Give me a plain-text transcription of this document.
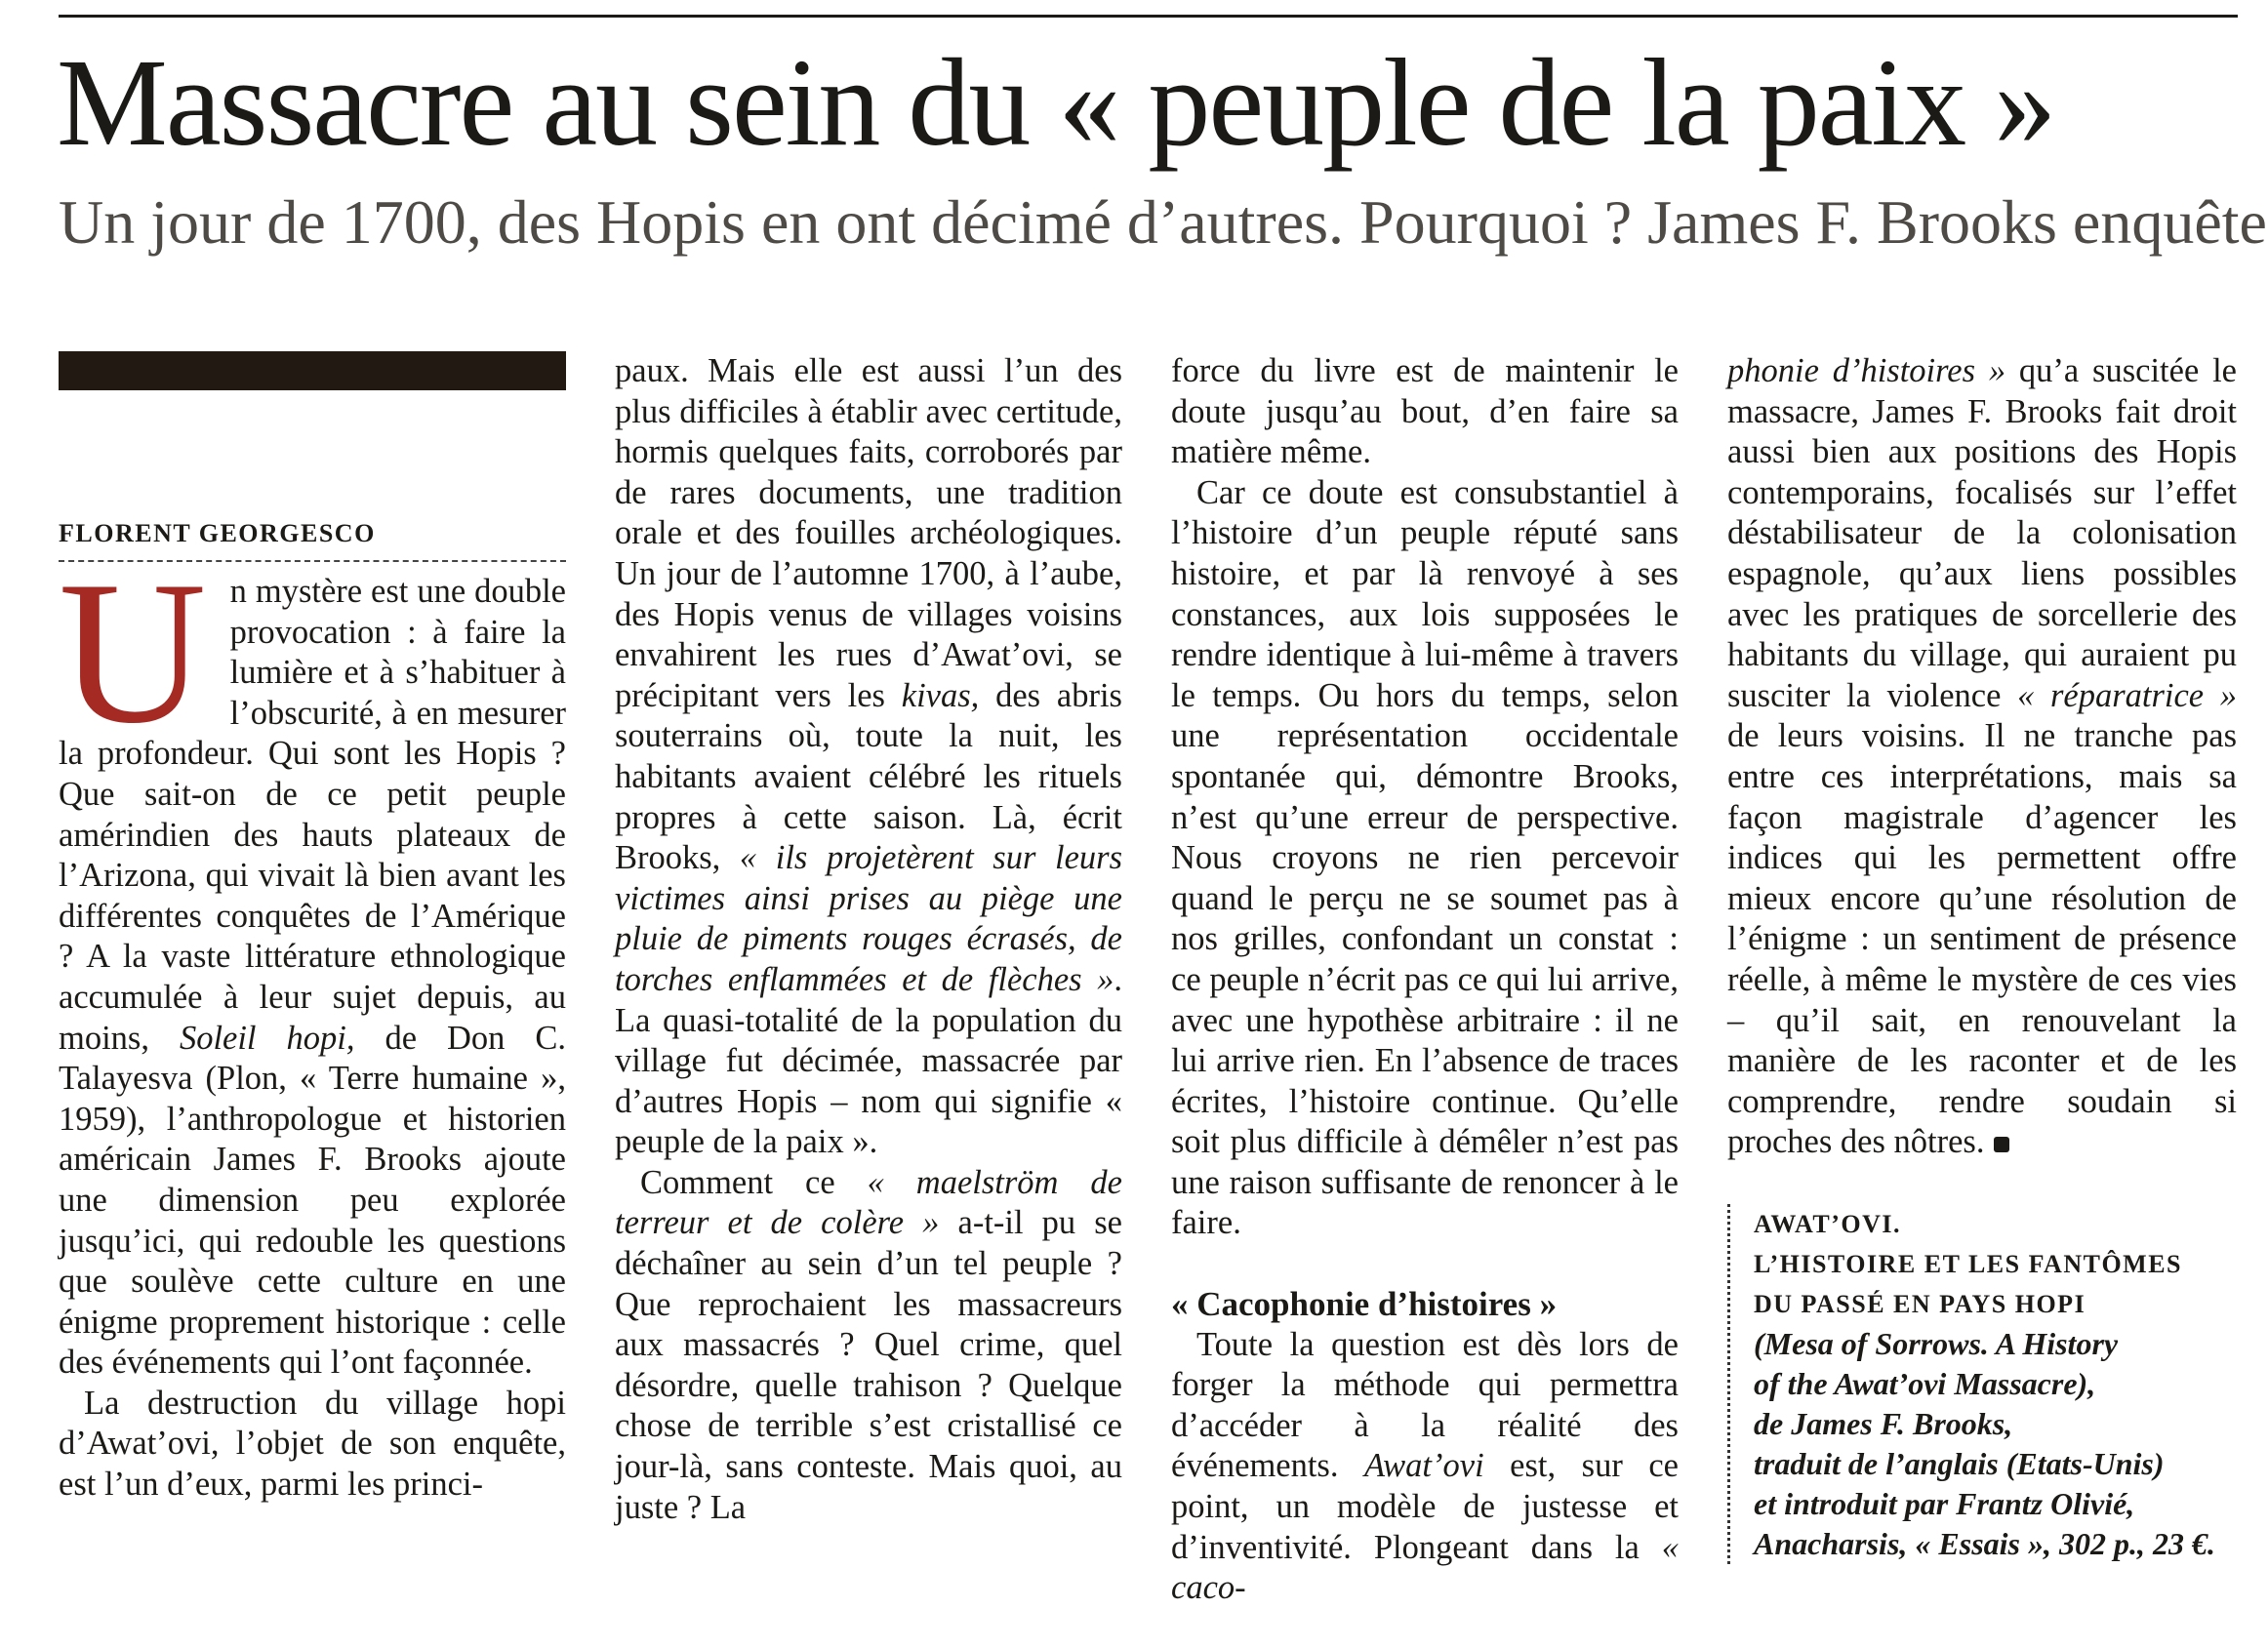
Massacre au sein du « peuple de la paix »
Un jour de 1700, des Hopis en ont décimé d’autres. Pourquoi ? James F. Brooks enquête
FLORENT GEORGESCO

Un mystère est une double provocation : à faire la lumière et à s’habituer à l’obscurité, à en mesurer la profondeur. Qui sont les Hopis ? Que sait-on de ce petit peuple amérindien des hauts plateaux de l’Arizona, qui vivait là bien avant les différentes conquêtes de l’Amérique ? A la vaste littérature ethnologique accumulée à leur sujet depuis, au moins, Soleil hopi, de Don C. Talayesva (Plon, « Terre humaine », 1959), l’anthropologue et historien américain James F. Brooks ajoute une dimension peu explorée jusqu’ici, qui redouble les questions que soulève cette culture en une énigme proprement historique : celle des événements qui l’ont façonnée.

La destruction du village hopi d’Awat’ovi, l’objet de son enquête, est l’un d’eux, parmi les princi-

paux. Mais elle est aussi l’un des plus difficiles à établir avec certitude, hormis quelques faits, corroborés par de rares documents, une tradition orale et des fouilles archéologiques. Un jour de l’automne 1700, à l’aube, des Hopis venus de villages voisins envahirent les rues d’Awat’ovi, se précipitant vers les kivas, des abris souterrains où, toute la nuit, les habitants avaient célébré les rituels propres à cette saison. Là, écrit Brooks, « ils projetèrent sur leurs victimes ainsi prises au piège une pluie de piments rouges écrasés, de torches enflammées et de flèches ». La quasi-totalité de la population du village fut décimée, massacrée par d’autres Hopis – nom qui signifie « peuple de la paix ».

Comment ce « maelström de terreur et de colère » a-t-il pu se déchaîner au sein d’un tel peuple ? Que reprochaient les massacreurs aux massacrés ? Quel crime, quel désordre, quelle trahison ? Quelque chose de terrible s’est cristallisé ce jour-là, sans conteste. Mais quoi, au juste ? La

force du livre est de maintenir le doute jusqu’au bout, d’en faire sa matière même.

Car ce doute est consubstantiel à l’histoire d’un peuple réputé sans histoire, et par là renvoyé à ses constances, aux lois supposées le rendre identique à lui-même à travers le temps. Ou hors du temps, selon une représentation occidentale spontanée qui, démontre Brooks, n’est qu’une erreur de perspective. Nous croyons ne rien percevoir quand le perçu ne se soumet pas à nos grilles, confondant un constat : ce peuple n’écrit pas ce qui lui arrive, avec une hypothèse arbitraire : il ne lui arrive rien. En l’absence de traces écrites, l’histoire continue. Qu’elle soit plus difficile à démêler n’est pas une raison suffisante de renoncer à le faire.

« Cacophonie d’histoires »

Toute la question est dès lors de forger la méthode qui permettra d’accéder à la réalité des événements. Awat’ovi est, sur ce point, un modèle de justesse et d’inventivité. Plongeant dans la « caco-

phonie d’histoires » qu’a suscitée le massacre, James F. Brooks fait droit aussi bien aux positions des Hopis contemporains, focalisés sur l’effet déstabilisateur de la colonisation espagnole, qu’aux liens possibles avec les pratiques de sorcellerie des habitants du village, qui auraient pu susciter la violence « réparatrice » de leurs voisins. Il ne tranche pas entre ces interprétations, mais sa façon magistrale d’agencer les indices qui les permettent offre mieux encore qu’une résolution de l’énigme : un sentiment de présence réelle, à même le mystère de ces vies – qu’il sait, en renouvelant la manière de les raconter et de les comprendre, rendre soudain si proches des nôtres.

AWAT’OVI.
L’HISTOIRE ET LES FANTÔMES
DU PASSÉ EN PAYS HOPI
(Mesa of Sorrows. A History
of the Awat’ovi Massacre),
de James F. Brooks,
traduit de l’anglais (Etats-Unis)
et introduit par Frantz Olivié,
Anacharsis, « Essais », 302 p., 23 €.
